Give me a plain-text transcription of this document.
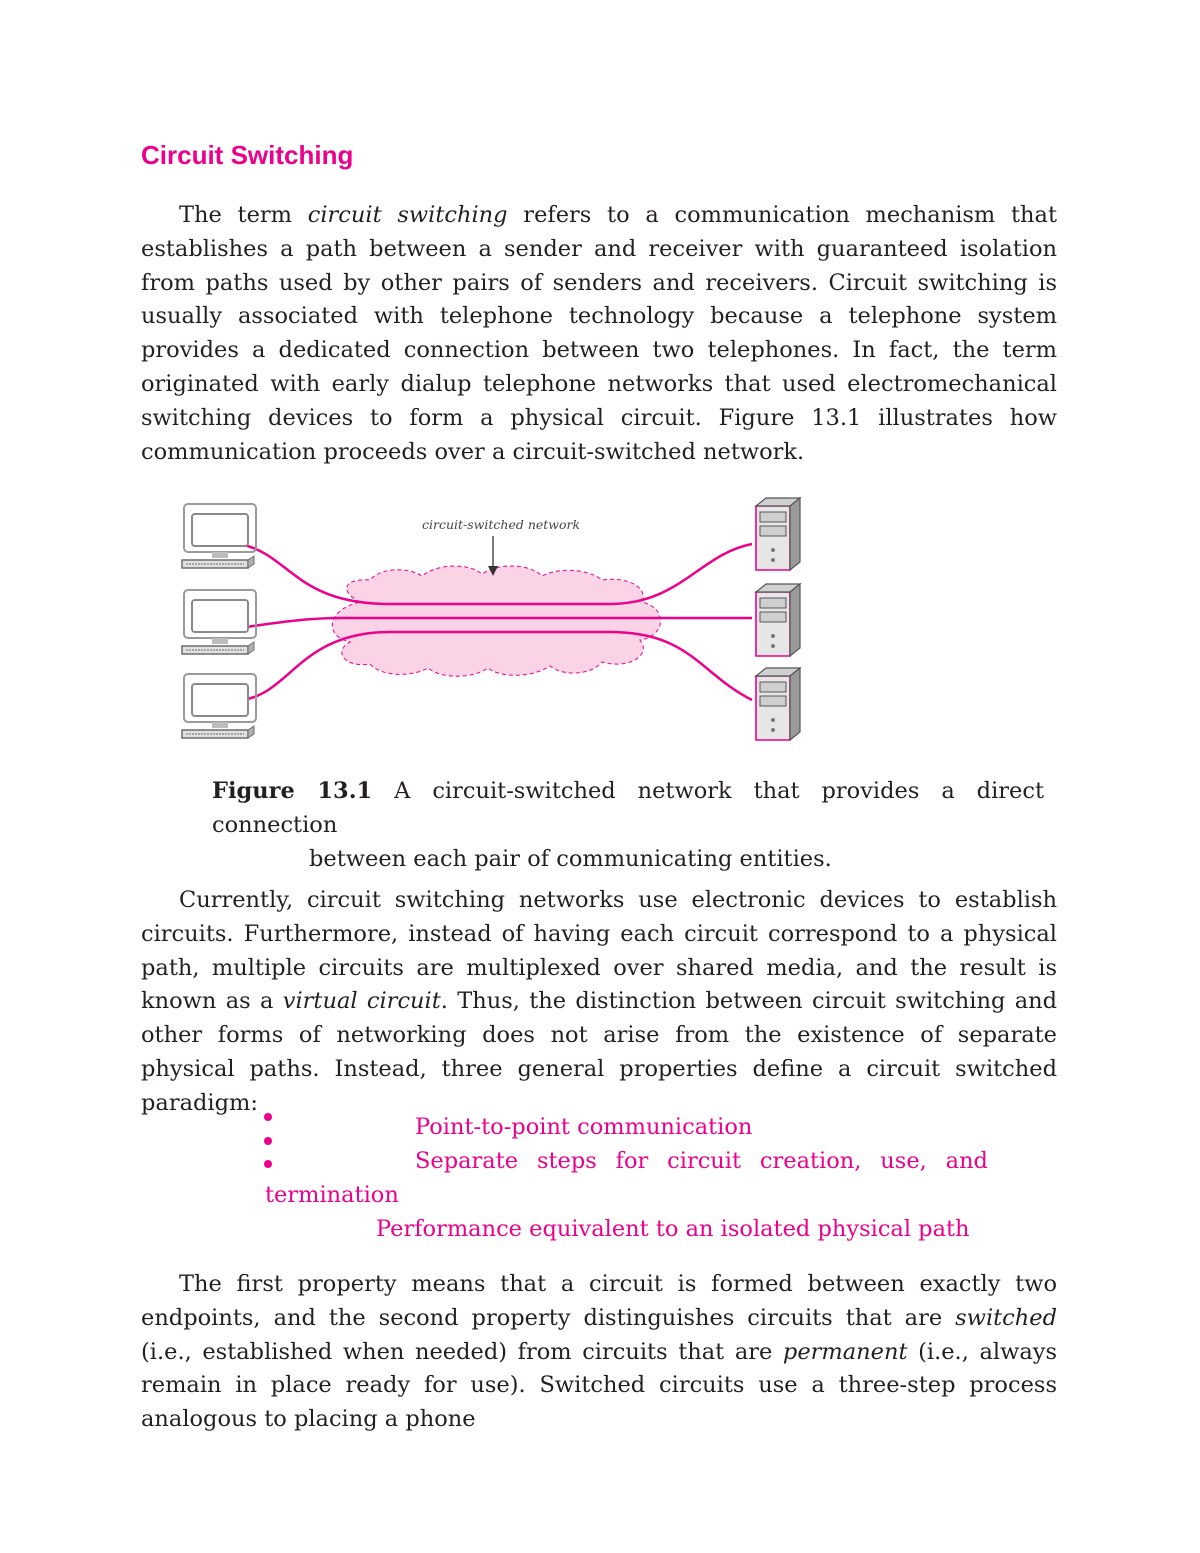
Circuit Switching

The term circuit switching refers to a communication mechanism that establishes a path between a sender and receiver with guaranteed isolation from paths used by other pairs of senders and receivers. Circuit switching is usually associated with telephone technology because a telephone system provides a dedicated connection between two telephones. In fact, the term originated with early dialup telephone networks that used electromechanical switching devices to form a physical circuit. Figure 13.1 illustrates how communication proceeds over a circuit-switched network.

circuit-switched network

Figure 13.1 A circuit-switched network that provides a direct connection
between each pair of communicating entities.

Currently, circuit switching networks use electronic devices to establish circuits. Furthermore, instead of having each circuit correspond to a physical path, multiple circuits are multiplexed over shared media, and the result is known as a virtual circuit. Thus, the distinction between circuit switching and other forms of networking does not arise from the existence of separate physical paths. Instead, three general properties define a circuit switched paradigm:

Point-to-point communication

Separate steps for circuit creation, use, and

termination

Performance equivalent to an isolated physical path

The first property means that a circuit is formed between exactly two endpoints, and the second property distinguishes circuits that are switched (i.e., established when needed) from circuits that are permanent (i.e., always remain in place ready for use). Switched circuits use a three-step process analogous to placing a phone
